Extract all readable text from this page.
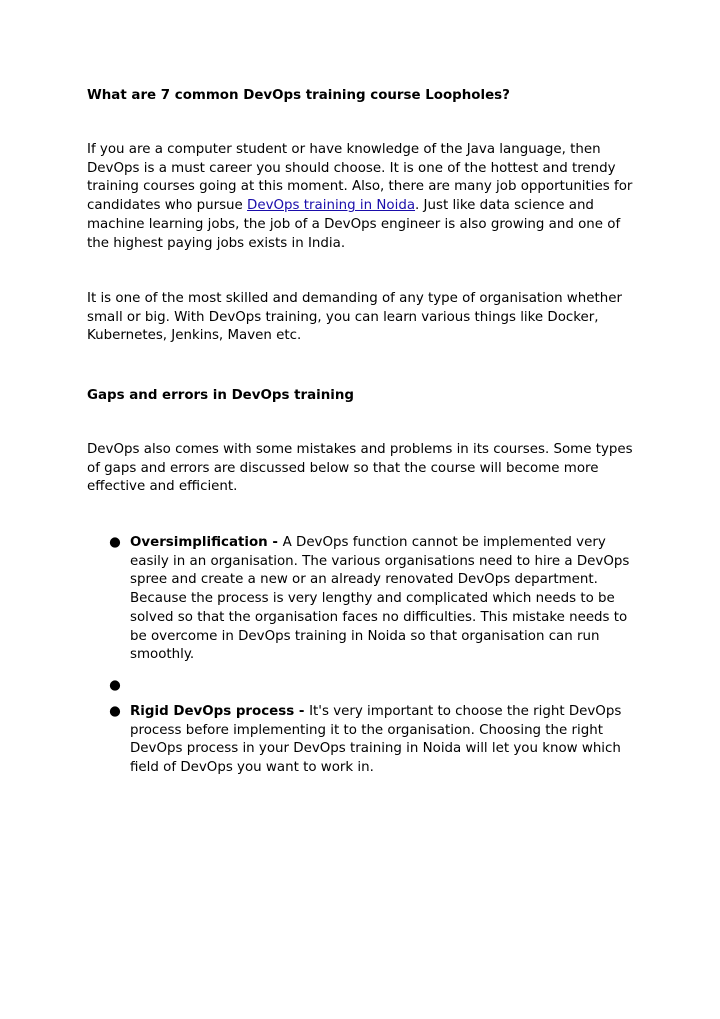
What are 7 common DevOps training course Loopholes?

If you are a computer student or have knowledge of the Java language, then DevOps is a must career you should choose. It is one of the hottest and trendy training courses going at this moment. Also, there are many job opportunities for candidates who pursue DevOps training in Noida. Just like data science and machine learning jobs, the job of a DevOps engineer is also growing and one of the highest paying jobs exists in India.

It is one of the most skilled and demanding of any type of organisation whether small or big. With DevOps training, you can learn various things like Docker, Kubernetes, Jenkins, Maven etc.

Gaps and errors in DevOps training

DevOps also comes with some mistakes and problems in its courses. Some types of gaps and errors are discussed below so that the course will become more effective and efficient.

● Oversimplification - A DevOps function cannot be implemented very easily in an organisation. The various organisations need to hire a DevOps spree and create a new or an already renovated DevOps department. Because the process is very lengthy and complicated which needs to be solved so that the organisation faces no difficulties. This mistake needs to be overcome in DevOps training in Noida so that organisation can run smoothly.
●
● Rigid DevOps process - It's very important to choose the right DevOps process before implementing it to the organisation. Choosing the right DevOps process in your DevOps training in Noida will let you know which field of DevOps you want to work in.
